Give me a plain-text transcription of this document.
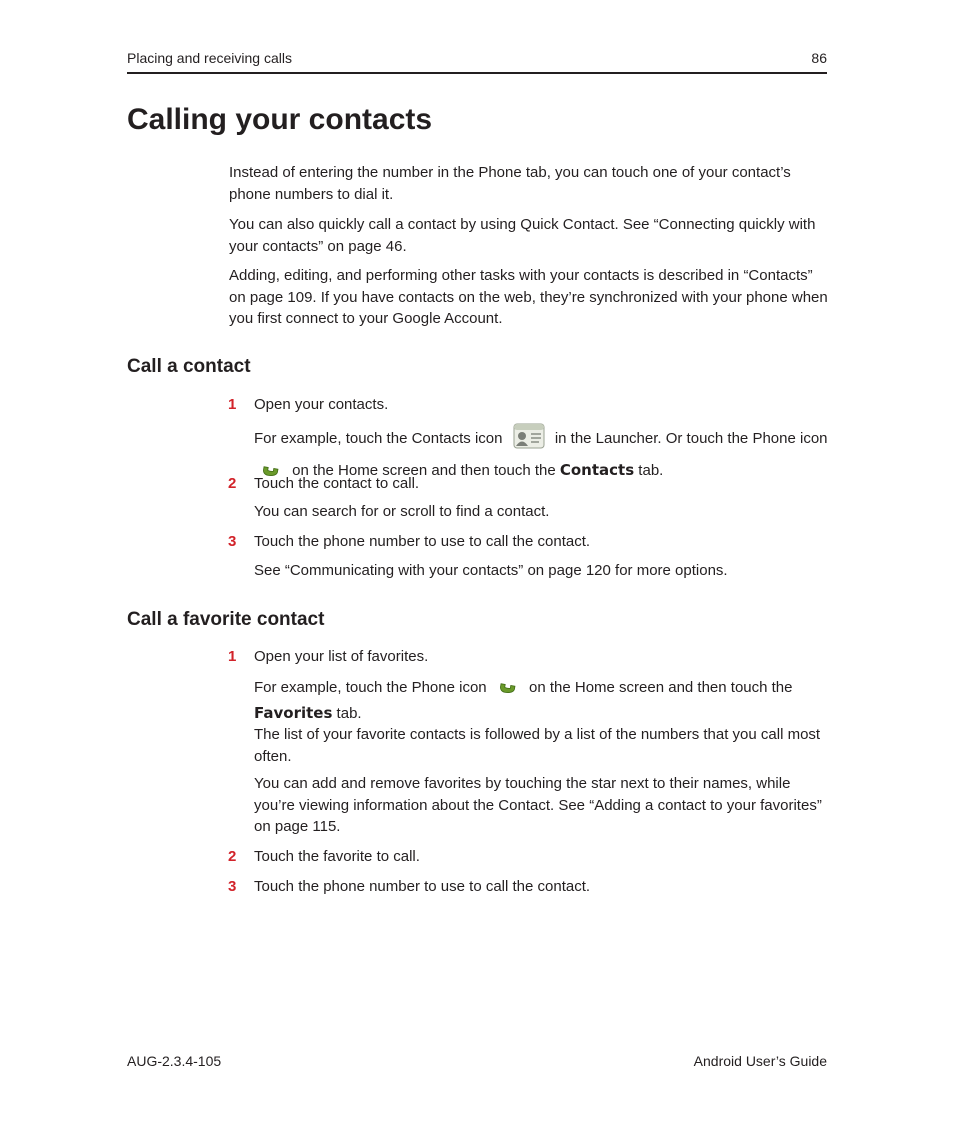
Placing and receiving calls	86
Calling your contacts
Instead of entering the number in the Phone tab, you can touch one of your contact’s phone numbers to dial it.
You can also quickly call a contact by using Quick Contact. See “Connecting quickly with your contacts” on page 46.
Adding, editing, and performing other tasks with your contacts is described in “Contacts” on page 109. If you have contacts on the web, they’re synchronized with your phone when you first connect to your Google Account.
Call a contact
1 Open your contacts.
For example, touch the Contacts icon	in the Launcher. Or touch the Phone icon  on the Home screen and then touch the Contacts tab.
2 Touch the contact to call.
You can search for or scroll to find a contact.
3 Touch the phone number to use to call the contact.
See “Communicating with your contacts” on page 120 for more options.
Call a favorite contact
1 Open your list of favorites.
For example, touch the Phone icon	on the Home screen and then touch the Favorites tab.
The list of your favorite contacts is followed by a list of the numbers that you call most often.
You can add and remove favorites by touching the star next to their names, while you’re viewing information about the Contact. See “Adding a contact to your favorites” on page 115.
2 Touch the favorite to call.
3 Touch the phone number to use to call the contact.
AUG-2.3.4-105	Android User’s Guide
